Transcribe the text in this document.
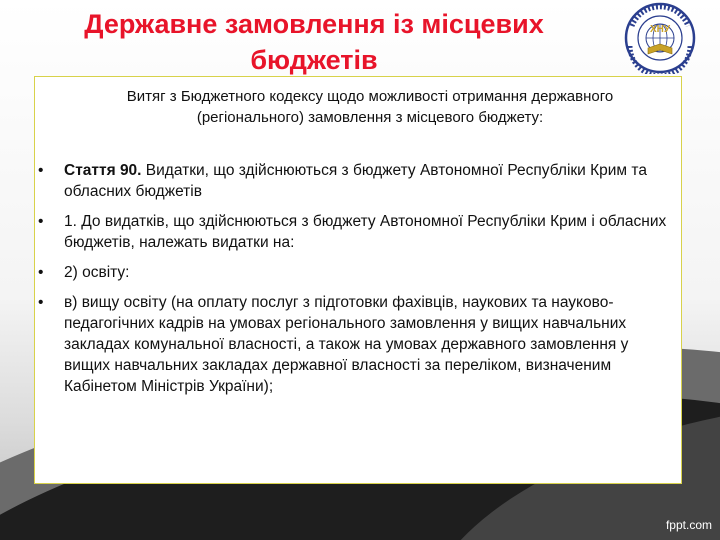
Державне замовлення із місцевих
бюджетів
ХНУ
Витяг з Бюджетного кодексу щодо можливості отримання державного
(регіонального) замовлення з місцевого бюджету:
• Стаття 90. Видатки, що здійснюються з бюджету Автономної Республіки Крим та обласних бюджетів
• 1. До видатків, що здійснюються з бюджету Автономної Республіки Крим і обласних бюджетів, належать видатки на:
• 2) освіту:
• в) вищу освіту (на оплату послуг з підготовки фахівців, наукових та науково-педагогічних кадрів на умовах регіонального замовлення у вищих навчальних закладах комунальної власності, а також на умовах державного замовлення у вищих навчальних закладах державної власності за переліком, визначеним Кабінетом Міністрів України);
fppt.com
